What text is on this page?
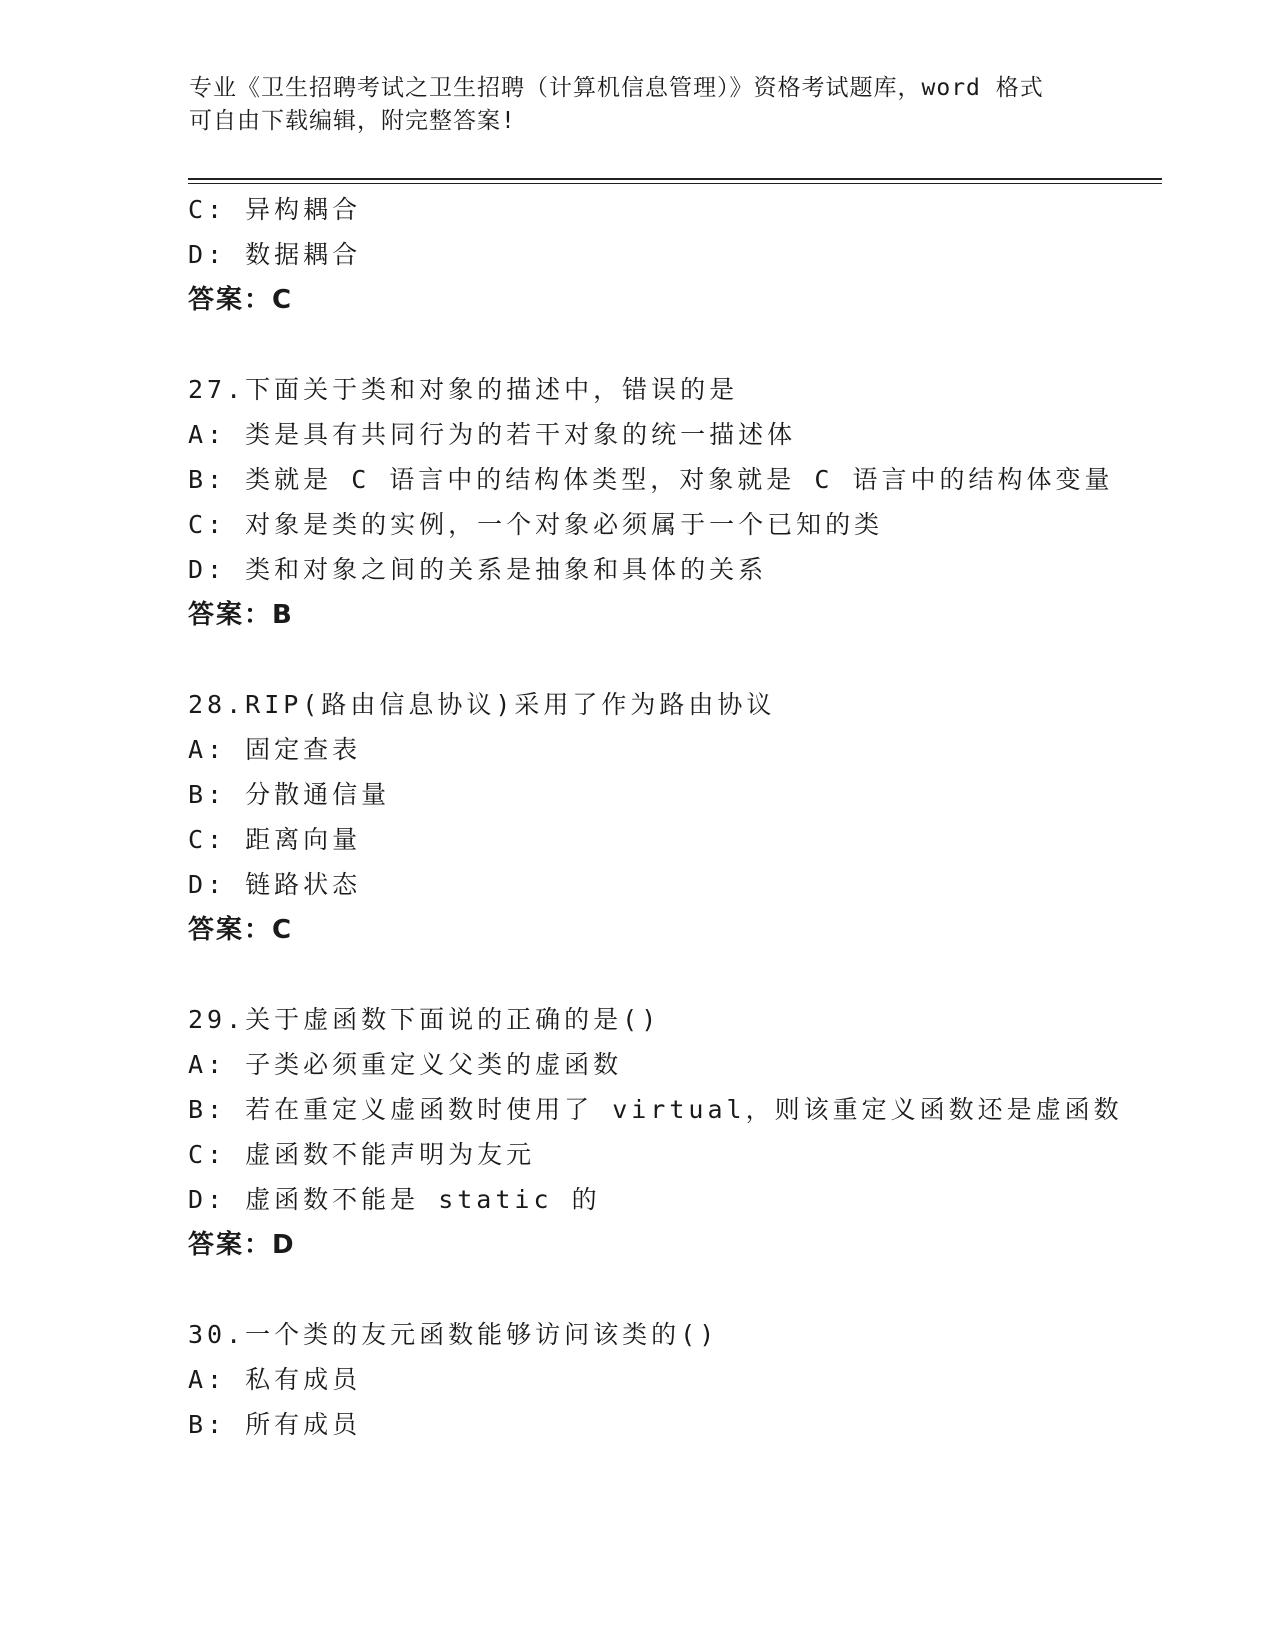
专业《卫生招聘考试之卫生招聘（计算机信息管理）》资格考试题库，word 格式
可自由下载编辑，附完整答案!
C: 异构耦合
D: 数据耦合
答案：C
27.下面关于类和对象的描述中，错误的是
A: 类是具有共同行为的若干对象的统一描述体
B: 类就是 C 语言中的结构体类型，对象就是 C 语言中的结构体变量
C: 对象是类的实例，一个对象必须属于一个已知的类
D: 类和对象之间的关系是抽象和具体的关系
答案：B
28.RIP(路由信息协议)采用了作为路由协议
A: 固定查表
B: 分散通信量
C: 距离向量
D: 链路状态
答案：C
29.关于虚函数下面说的正确的是()
A: 子类必须重定义父类的虚函数
B: 若在重定义虚函数时使用了 virtual，则该重定义函数还是虚函数
C: 虚函数不能声明为友元
D: 虚函数不能是 static 的
答案：D
30.一个类的友元函数能够访问该类的()
A: 私有成员
B: 所有成员
